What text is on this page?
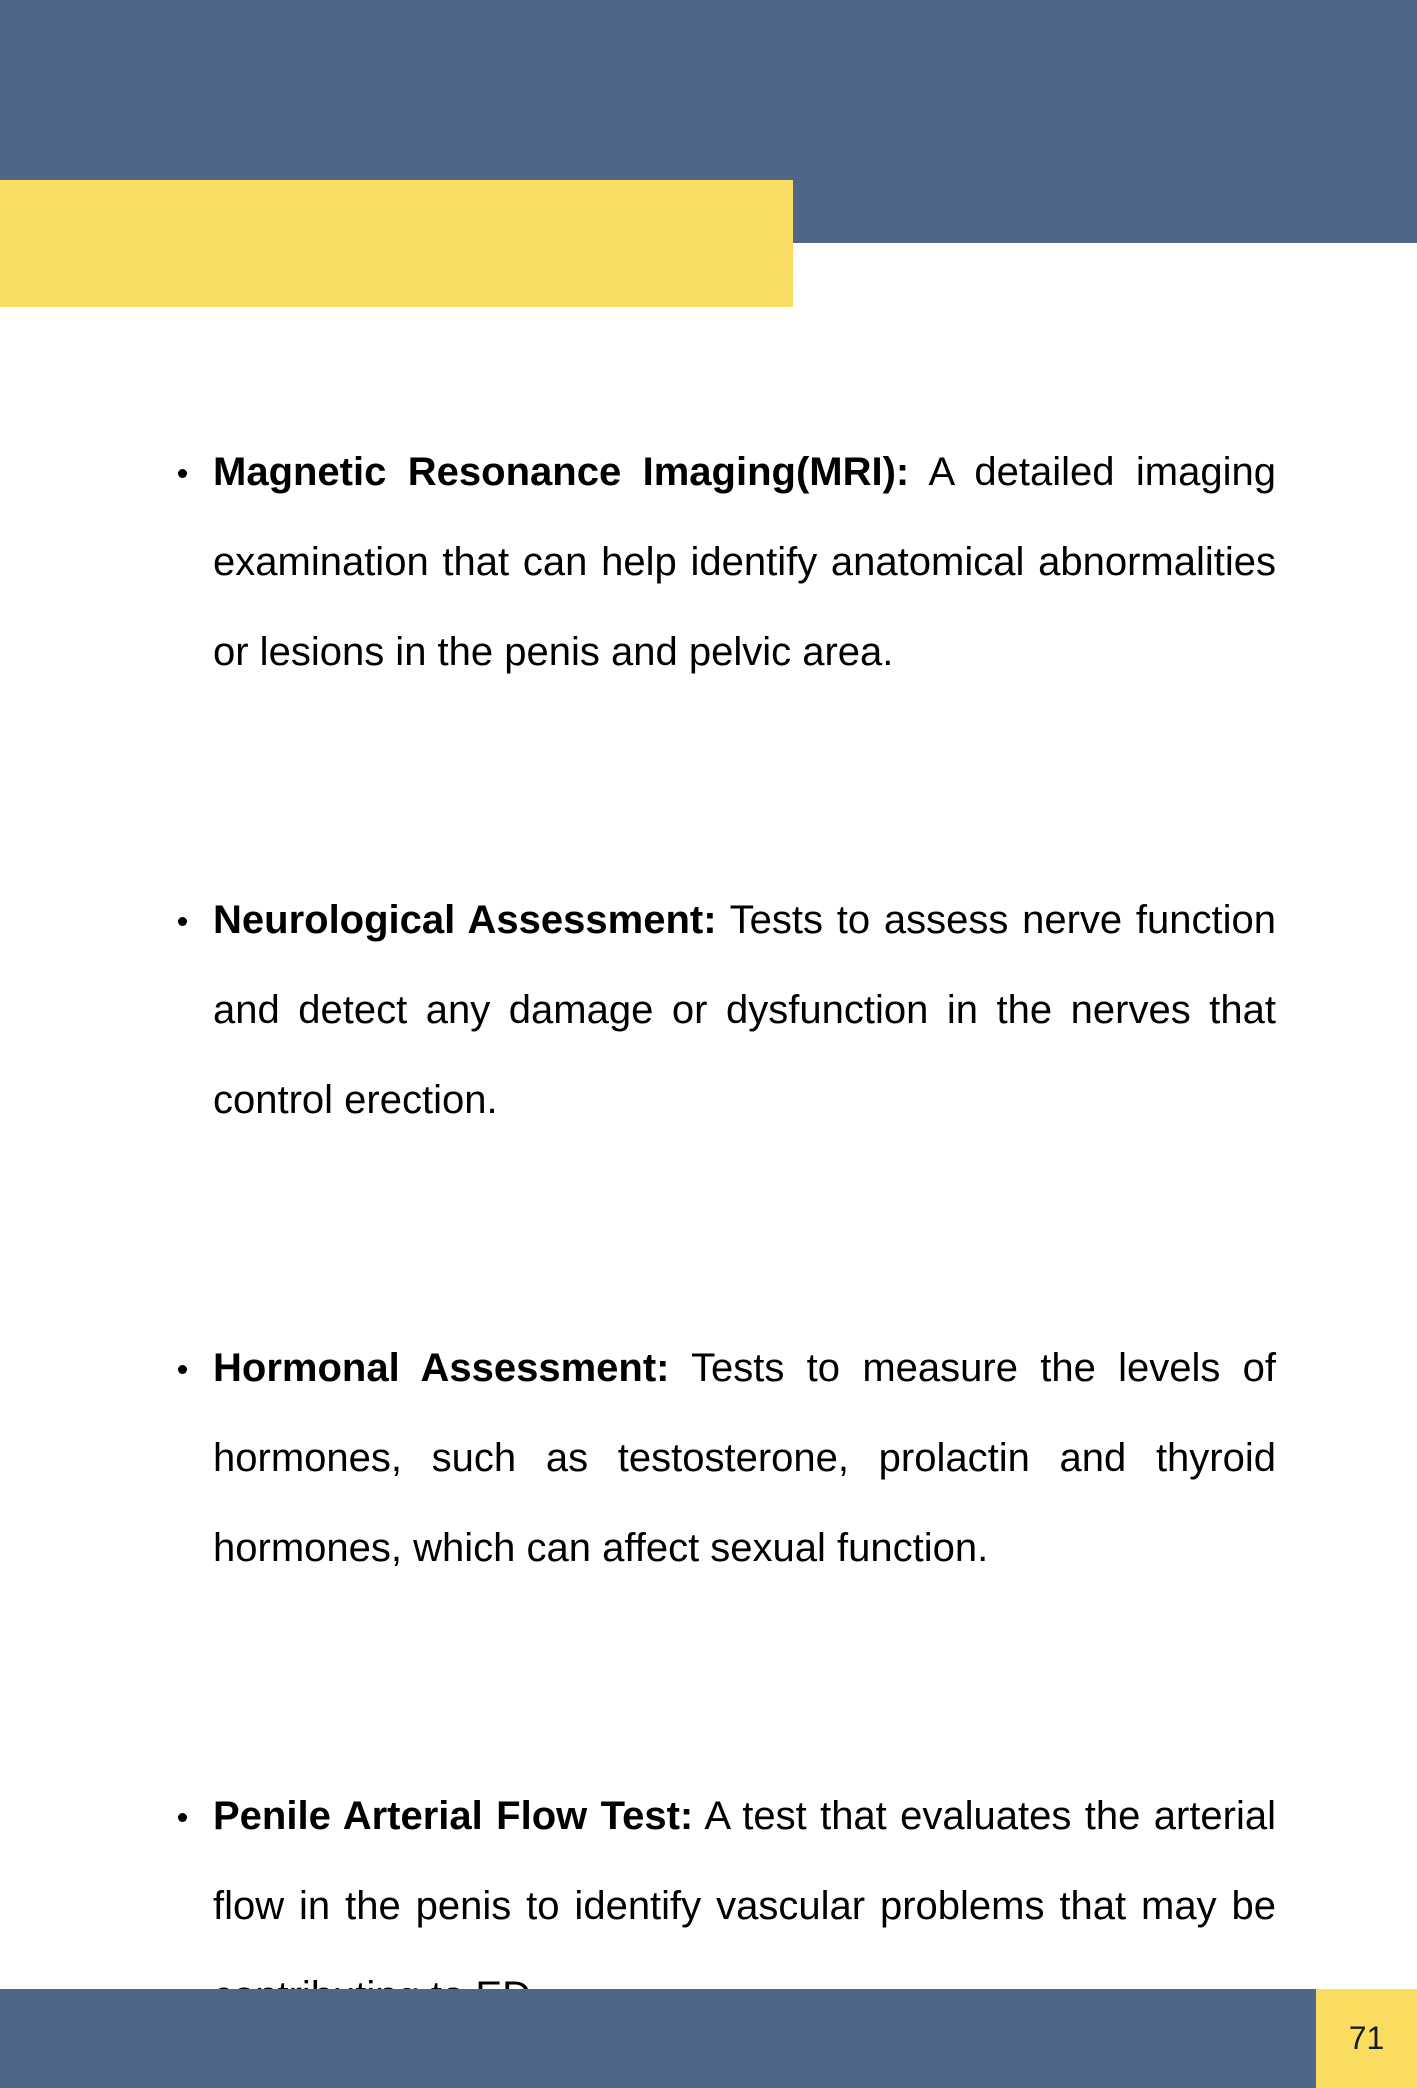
Magnetic Resonance Imaging(MRI): A detailed imaging examination that can help identify anatomical abnormalities or lesions in the penis and pelvic area.
Neurological Assessment: Tests to assess nerve function and detect any damage or dysfunction in the nerves that control erection.
Hormonal Assessment: Tests to measure the levels of hormones, such as testosterone, prolactin and thyroid hormones, which can affect sexual function.
Penile Arterial Flow Test: A test that evaluates the arterial flow in the penis to identify vascular problems that may be
71
